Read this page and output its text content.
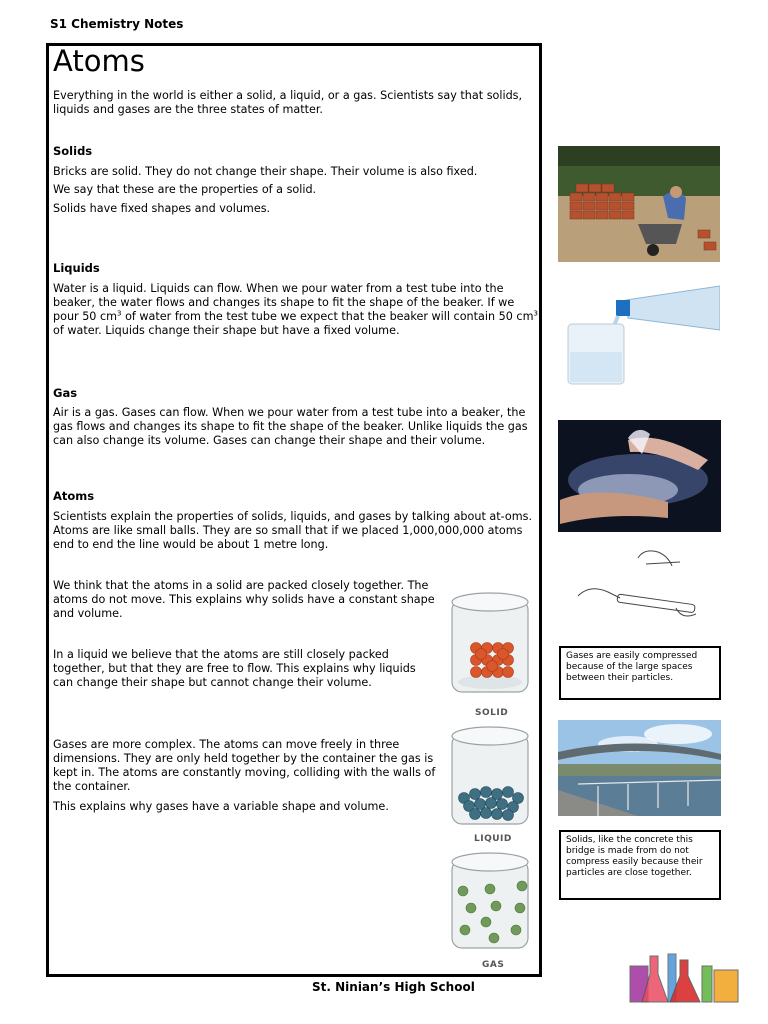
S1 Chemistry Notes
Atoms
Everything in the world is either a solid, a liquid, or a gas. Scientists say that solids, liquids and gases are the three states of matter.
Solids
Bricks are solid. They do not change their shape. Their volume is also fixed.
We say that these are the properties of a solid.
Solids have fixed shapes and volumes.
Liquids
Water is a liquid. Liquids can flow. When we pour water from a test tube into the beaker, the water flows and changes its shape to fit the shape of the beaker. If we pour 50 $cm^3$ of water from the test tube we expect that the beaker will contain 50 $cm^3$ of water. Liquids change their shape but have a fixed volume.
Gas
Air is a gas. Gases can flow. When we pour water from a test tube into a beaker, the gas flows and changes its shape to fit the shape of the beaker. Unlike liquids the gas can also change its volume. Gases can change their shape and their volume.
Atoms
Scientists explain the properties of solids, liquids, and gases by talking about at-oms. Atoms are like small balls. They are so small that if we placed 1,000,000,000 atoms end to end the line would be about 1 metre long.
We think that the atoms in a solid are packed closely together. The atoms do not move. This explains why solids have a constant shape and volume.
In a liquid we believe that the atoms are still closely packed together, but that they are free to flow. This explains why liquids can change their shape but cannot change their volume.
Gases are more complex. The atoms can move freely in three dimensions. They are only held together by the container the gas is kept in. The atoms are constantly moving, colliding with the walls of the container.
This explains why gases have a variable shape and volume.
SOLID
LIQUID
GAS
Gases are easily compressed because of the large spaces between their particles.
Solids, like the concrete this bridge is made from do not compress easily because their particles are close together.
St. Ninian’s High School
